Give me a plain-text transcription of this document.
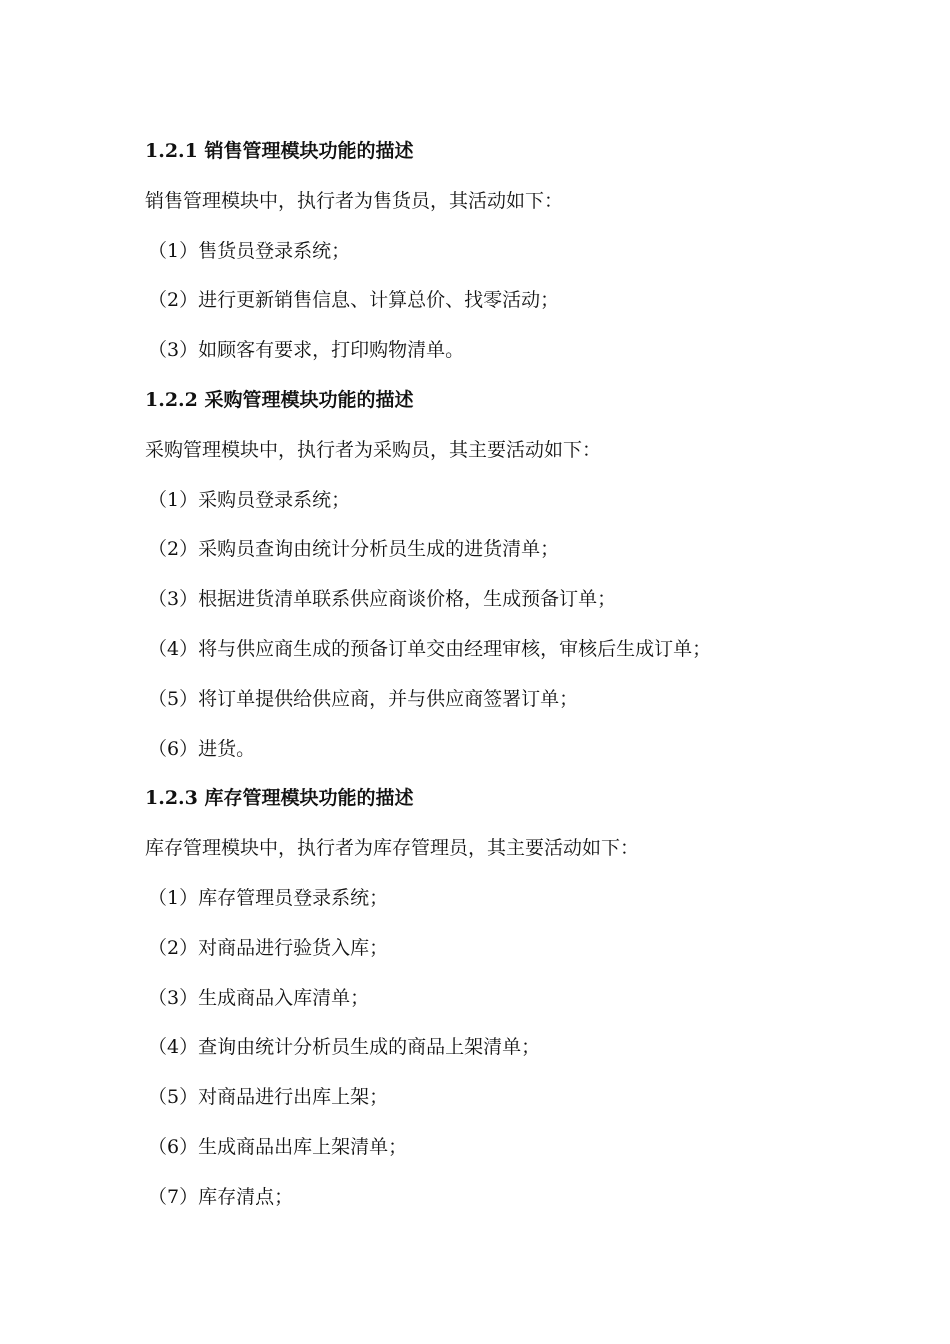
1.2.1 销售管理模块功能的描述
销售管理模块中，执行者为售货员，其活动如下：
（1）售货员登录系统；
（2）进行更新销售信息、计算总价、找零活动；
（3）如顾客有要求，打印购物清单。
1.2.2 采购管理模块功能的描述
采购管理模块中，执行者为采购员，其主要活动如下：
（1）采购员登录系统；
（2）采购员查询由统计分析员生成的进货清单；
（3）根据进货清单联系供应商谈价格，生成预备订单；
（4）将与供应商生成的预备订单交由经理审核，审核后生成订单；
（5）将订单提供给供应商，并与供应商签署订单；
（6）进货。
1.2.3 库存管理模块功能的描述
库存管理模块中，执行者为库存管理员，其主要活动如下：
（1）库存管理员登录系统；
（2）对商品进行验货入库；
（3）生成商品入库清单；
（4）查询由统计分析员生成的商品上架清单；
（5）对商品进行出库上架；
（6）生成商品出库上架清单；
（7）库存清点；
